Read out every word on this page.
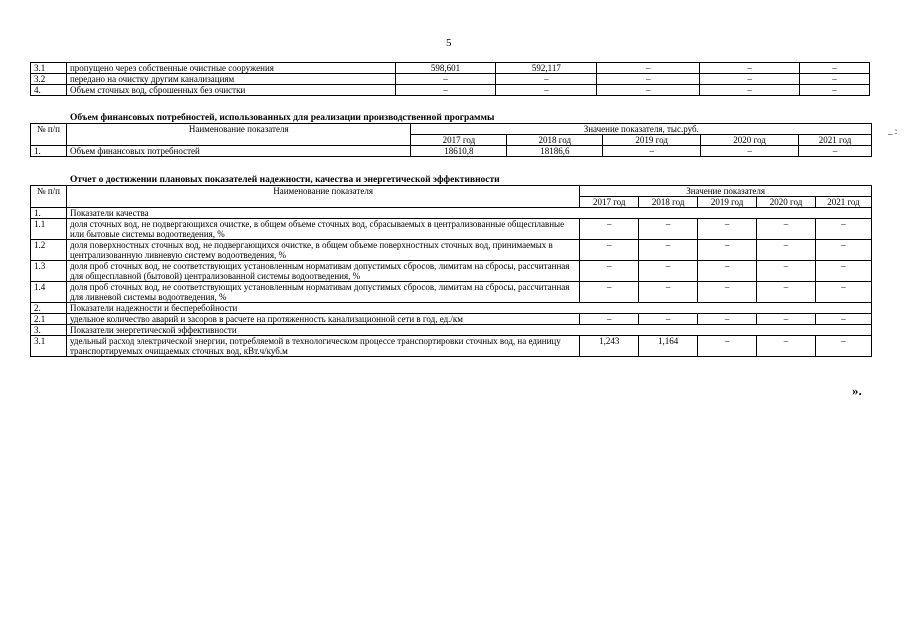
5
_ :
3.1	пропущено через собственные очистные сооружения	598,601	592,117	–	–	–
3.2	передано на очистку другим канализациям	–	–	–	–	–
4.	Объем сточных вод, сброшенных без очистки	–	–	–	–	–
Объем финансовых потребностей, использованных для реализации производственной программы
№ п/п	Наименование показателя	Значение показателя, тыс.руб.				
		2017 год	2018 год	2019 год	2020 год	2021 год
1.	Объем финансовых потребностей	18610,8	18186,6	–	–	–
Отчет о достижении плановых показателей надежности, качества и энергетической эффективности
№ п/п	Наименование показателя	Значение показателя				
		2017 год	2018 год	2019 год	2020 год	2021 год
1.	Показатели качества					
1.1	доля сточных вод, не подвергающихся очистке, в общем объеме сточных вод, сбрасываемых в централизованные общесплавные или бытовые системы водоотведения, %	–	–	–	–	–
1.2	доля поверхностных сточных вод, не подвергающихся очистке, в общем объеме поверхностных сточных вод, принимаемых в централизованную ливневую систему водоотведения, %	–	–	–	–	–
1.3	доля проб сточных вод, не соответствующих установленным нормативам допустимых сбросов, лимитам на сбросы, рассчитанная для общесплавной (бытовой) централизованной системы водоотведения, %	–	–	–	–	–
1.4	доля проб сточных вод, не соответствующих установленным нормативам допустимых сбросов, лимитам на сбросы, рассчитанная для ливневой системы водоотведения, %	–	–	–	–	–
2.	Показатели надежности и бесперебойности					
2.1	удельное количество аварий и засоров в расчете на протяженность канализационной сети в год, ед./км	–	–	–	–	–
3.	Показатели энергетической эффективности					
3.1	удельный расход электрической энергии, потребляемой в технологическом процессе транспортировки сточных вод, на единицу транспортируемых очищаемых сточных вод, кВт.ч/куб.м	1,243	1,164	–	–	–
».
